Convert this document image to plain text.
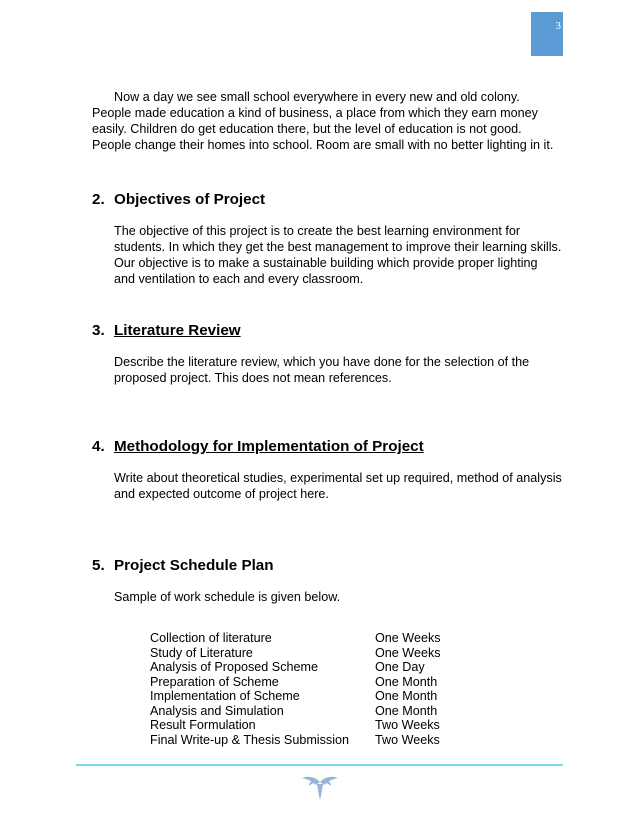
3

Now a day we see small school everywhere in every new and old colony. People made education a kind of business, a place from which they earn money easily. Children do get education there, but the level of education is not good. People change their homes into school. Room are small with no better lighting in it.

2. Objectives of Project

The objective of this project is to create the best learning environment for students. In which they get the best management to improve their learning skills. Our objective is to make a sustainable building which provide proper lighting and ventilation to each and every classroom.

3. Literature Review

Describe the literature review, which you have done for the selection of the proposed project. This does not mean references.

4. Methodology for Implementation of Project

Write about theoretical studies, experimental set up required, method of analysis and expected outcome of project here.

5. Project Schedule Plan

Sample of work schedule is given below.

Collection of literature	One Weeks
Study of Literature	One Weeks
Analysis of Proposed Scheme	One Day
Preparation of Scheme	One Month
Implementation of Scheme	One Month
Analysis and Simulation	One Month
Result Formulation	Two Weeks
Final Write-up & Thesis Submission	Two Weeks
